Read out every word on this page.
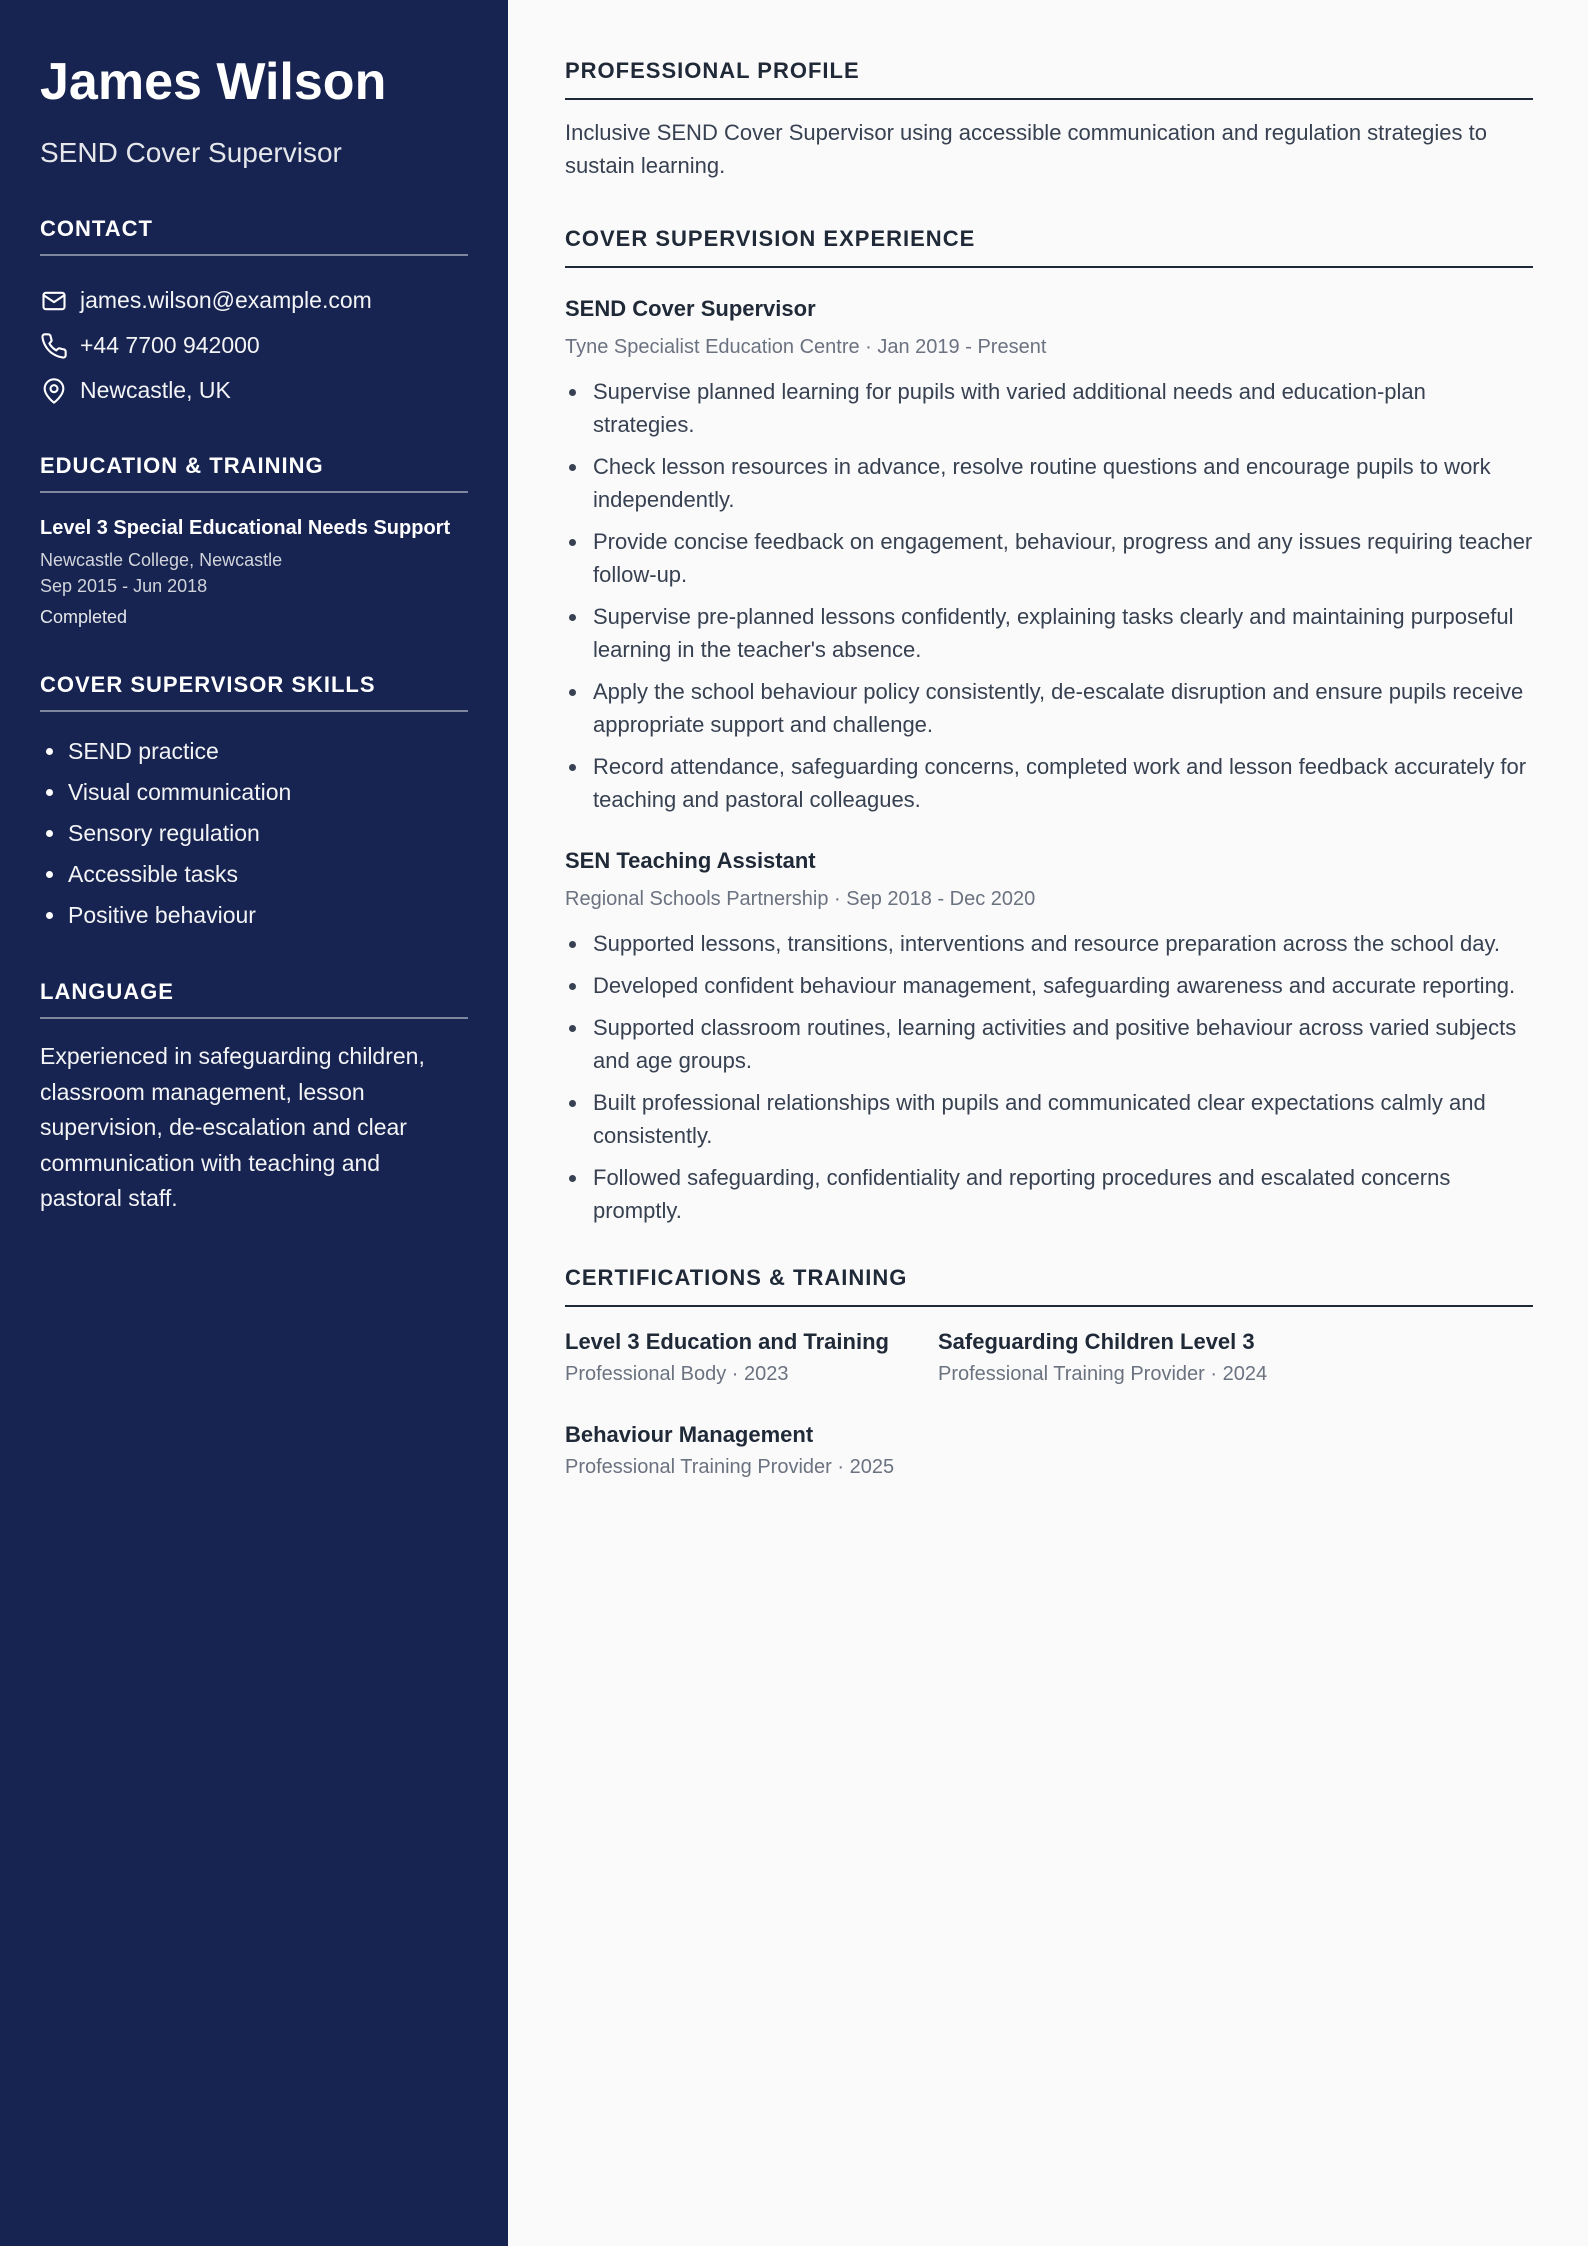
James Wilson
SEND Cover Supervisor
CONTACT
james.wilson@example.com
+44 7700 942000
Newcastle, UK
EDUCATION & TRAINING
Level 3 Special Educational Needs Support
Newcastle College, Newcastle
Sep 2015 - Jun 2018
Completed
COVER SUPERVISOR SKILLS
SEND practice
Visual communication
Sensory regulation
Accessible tasks
Positive behaviour
LANGUAGE

Experienced in safeguarding children, classroom management, lesson supervision, de-escalation and clear communication with teaching and pastoral staff.

PROFESSIONAL PROFILE

Inclusive SEND Cover Supervisor using accessible communication and regulation strategies to sustain learning.

COVER SUPERVISION EXPERIENCE
SEND Cover Supervisor
Tyne Specialist Education Centre · Jan 2019 - Present
Supervise planned learning for pupils with varied additional needs and education-plan strategies.
Check lesson resources in advance, resolve routine questions and encourage pupils to work independently.
Provide concise feedback on engagement, behaviour, progress and any issues requiring teacher follow-up.
Supervise pre-planned lessons confidently, explaining tasks clearly and maintaining purposeful learning in the teacher's absence.
Apply the school behaviour policy consistently, de-escalate disruption and ensure pupils receive appropriate support and challenge.
Record attendance, safeguarding concerns, completed work and lesson feedback accurately for teaching and pastoral colleagues.
SEN Teaching Assistant
Regional Schools Partnership · Sep 2018 - Dec 2020
Supported lessons, transitions, interventions and resource preparation across the school day.
Developed confident behaviour management, safeguarding awareness and accurate reporting.
Supported classroom routines, learning activities and positive behaviour across varied subjects and age groups.
Built professional relationships with pupils and communicated clear expectations calmly and consistently.
Followed safeguarding, confidentiality and reporting procedures and escalated concerns promptly.
CERTIFICATIONS & TRAINING
Level 3 Education and Training
Professional Body · 2023
Safeguarding Children Level 3
Professional Training Provider · 2024
Behaviour Management
Professional Training Provider · 2025
